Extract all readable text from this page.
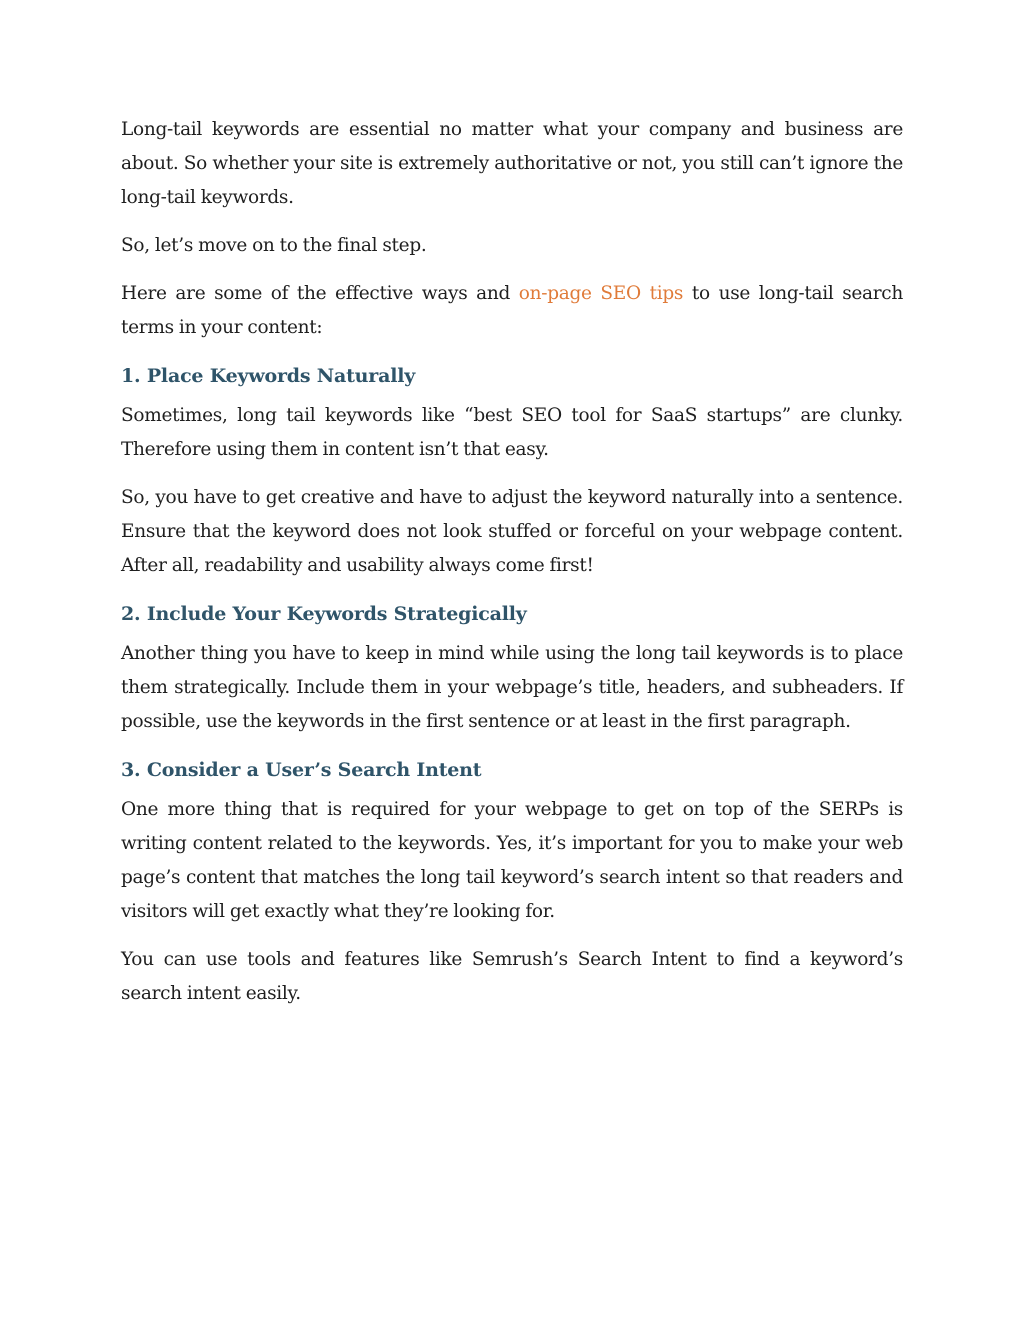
Long-tail keywords are essential no matter what your company and business are about. So whether your site is extremely authoritative or not, you still can’t ignore the long-tail keywords.

So, let’s move on to the final step.

Here are some of the effective ways and on-page SEO tips to use long-tail search terms in your content:

1. Place Keywords Naturally

Sometimes, long tail keywords like “best SEO tool for SaaS startups” are clunky. Therefore using them in content isn’t that easy.

So, you have to get creative and have to adjust the keyword naturally into a sentence. Ensure that the keyword does not look stuffed or forceful on your webpage content. After all, readability and usability always come first!

2. Include Your Keywords Strategically

Another thing you have to keep in mind while using the long tail keywords is to place them strategically. Include them in your webpage’s title, headers, and subheaders. If possible, use the keywords in the first sentence or at least in the first paragraph.

3. Consider a User’s Search Intent

One more thing that is required for your webpage to get on top of the SERPs is writing content related to the keywords. Yes, it’s important for you to make your web page’s content that matches the long tail keyword’s search intent so that readers and visitors will get exactly what they’re looking for.

You can use tools and features like Semrush’s Search Intent to find a keyword’s search intent easily.
